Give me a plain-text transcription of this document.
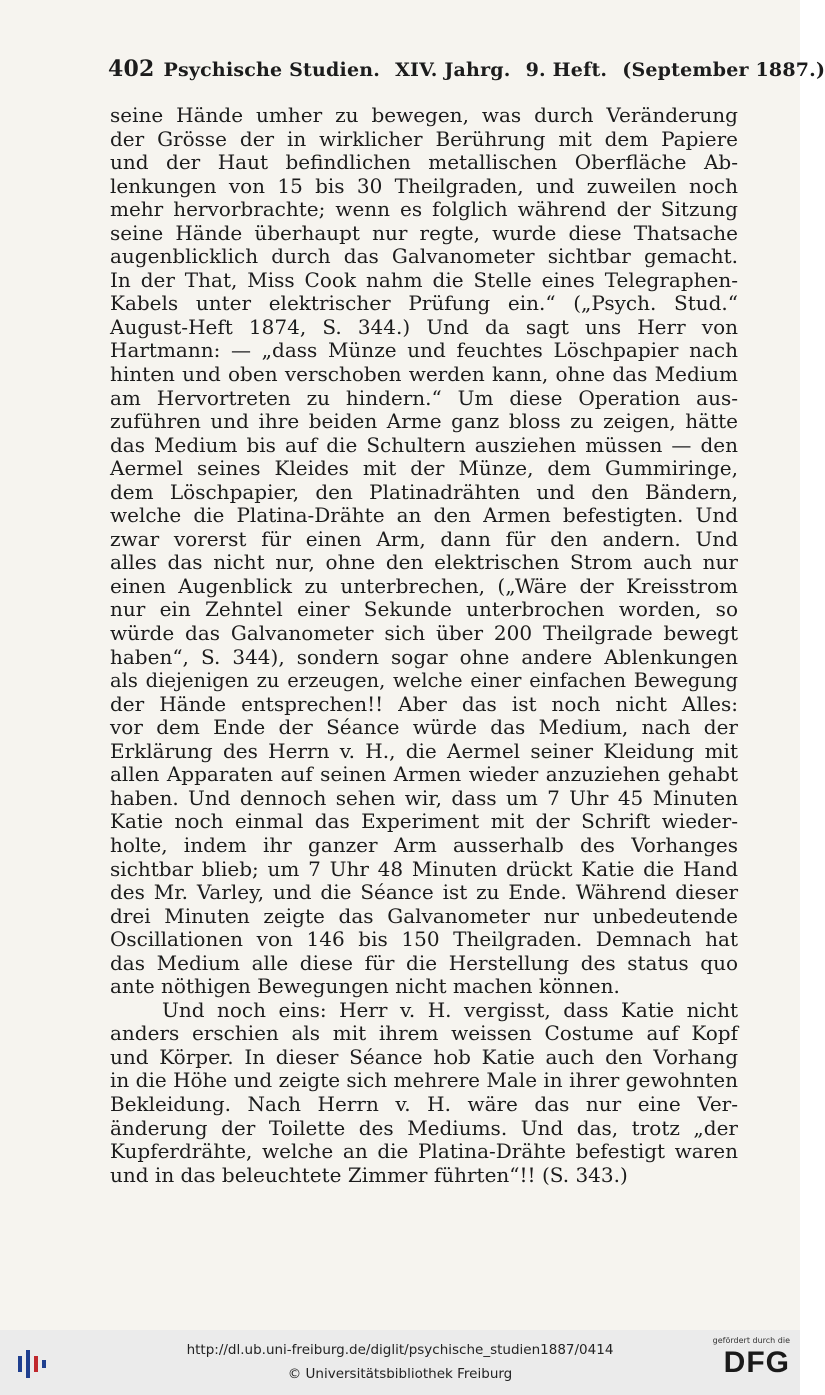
402 Psychische Studien. XIV. Jahrg. 9. Heft. (September 1887.)
seine Hände umher zu bewegen, was durch Veränderung
der Grösse der in wirklicher Berührung mit dem Papiere
und der Haut befindlichen metallischen Oberfläche Ab-
lenkungen von 15 bis 30 Theilgraden, und zuweilen noch
mehr hervorbrachte; wenn es folglich während der Sitzung
seine Hände überhaupt nur regte, wurde diese Thatsache
augenblicklich durch das Galvanometer sichtbar gemacht.
In der That, Miss Cook nahm die Stelle eines Telegraphen-
Kabels unter elektrischer Prüfung ein.“ („Psych. Stud.“
August-Heft 1874, S. 344.) Und da sagt uns Herr von
Hartmann: — „dass Münze und feuchtes Löschpapier nach
hinten und oben verschoben werden kann, ohne das Medium
am Hervortreten zu hindern.“ Um diese Operation aus-
zuführen und ihre beiden Arme ganz bloss zu zeigen, hätte
das Medium bis auf die Schultern ausziehen müssen — den
Aermel seines Kleides mit der Münze, dem Gummiringe,
dem Löschpapier, den Platinadrähten und den Bändern,
welche die Platina-Drähte an den Armen befestigten. Und
zwar vorerst für einen Arm, dann für den andern. Und
alles das nicht nur, ohne den elektrischen Strom auch nur
einen Augenblick zu unterbrechen, („Wäre der Kreisstrom
nur ein Zehntel einer Sekunde unterbrochen worden, so
würde das Galvanometer sich über 200 Theilgrade bewegt
haben“, S. 344), sondern sogar ohne andere Ablenkungen
als diejenigen zu erzeugen, welche einer einfachen Bewegung
der Hände entsprechen!! Aber das ist noch nicht Alles:
vor dem Ende der Séance würde das Medium, nach der
Erklärung des Herrn v. H., die Aermel seiner Kleidung mit
allen Apparaten auf seinen Armen wieder anzuziehen gehabt
haben. Und dennoch sehen wir, dass um 7 Uhr 45 Minuten
Katie noch einmal das Experiment mit der Schrift wieder-
holte, indem ihr ganzer Arm ausserhalb des Vorhanges
sichtbar blieb; um 7 Uhr 48 Minuten drückt Katie die Hand
des Mr. Varley, und die Séance ist zu Ende. Während dieser
drei Minuten zeigte das Galvanometer nur unbedeutende
Oscillationen von 146 bis 150 Theilgraden. Demnach hat
das Medium alle diese für die Herstellung des status quo
ante nöthigen Bewegungen nicht machen können.
Und noch eins: Herr v. H. vergisst, dass Katie nicht
anders erschien als mit ihrem weissen Costume auf Kopf
und Körper. In dieser Séance hob Katie auch den Vorhang
in die Höhe und zeigte sich mehrere Male in ihrer gewohnten
Bekleidung. Nach Herrn v. H. wäre das nur eine Ver-
änderung der Toilette des Mediums. Und das, trotz „der
Kupferdrähte, welche an die Platina-Drähte befestigt waren
und in das beleuchtete Zimmer führten“!! (S. 343.)
http://dl.ub.uni-freiburg.de/diglit/psychische_studien1887/0414
© Universitätsbibliothek Freiburg
gefördert durch die
DFG
